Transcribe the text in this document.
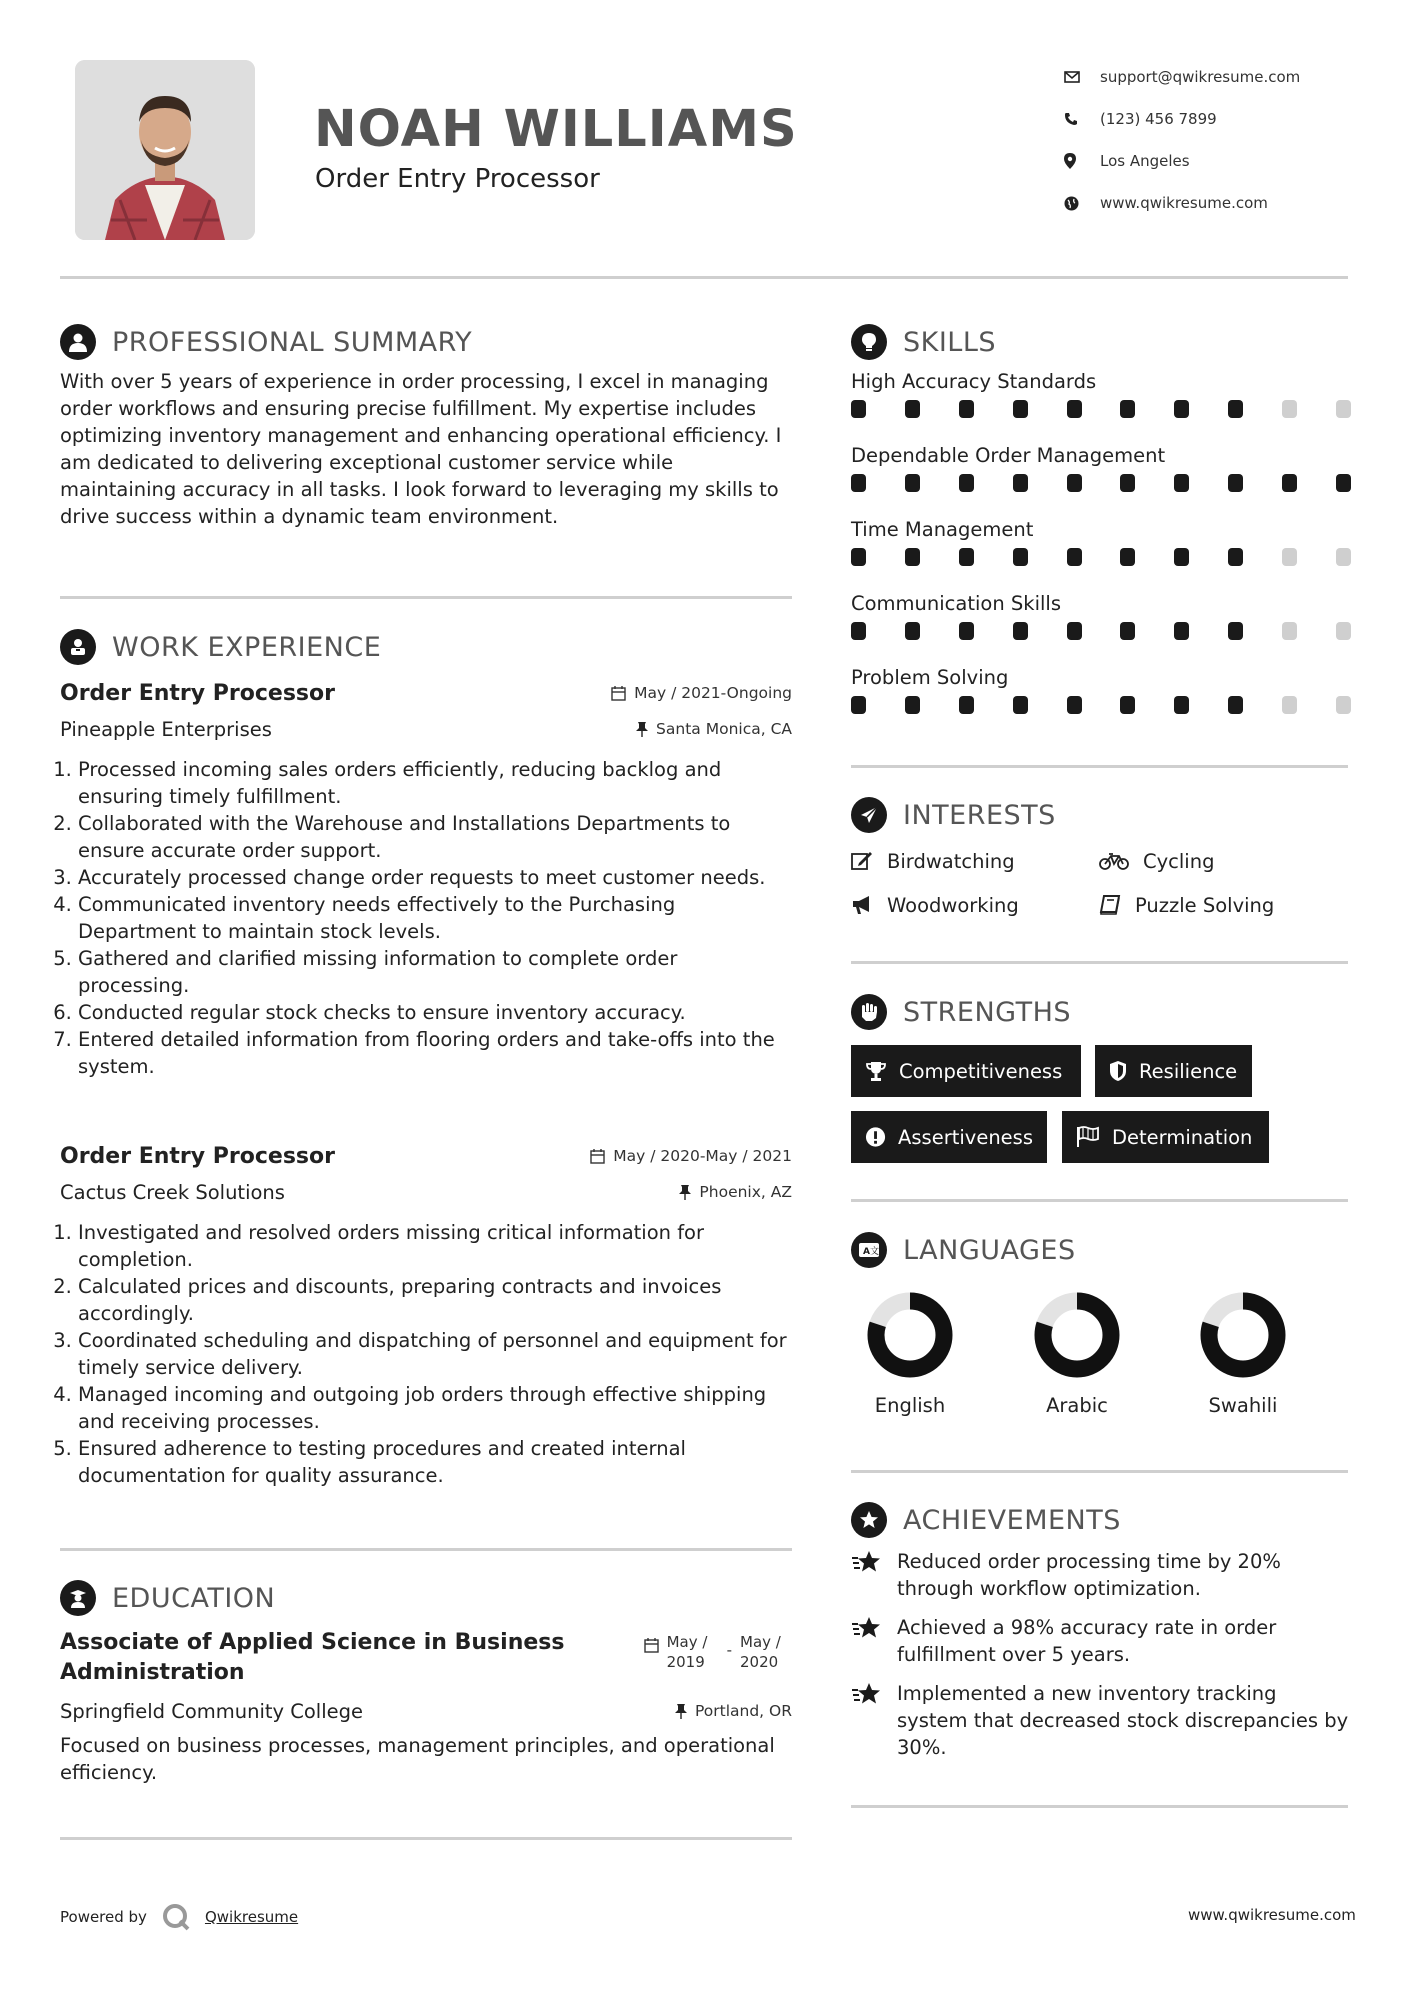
NOAH WILLIAMS
Order Entry Processor
support@qwikresume.com
(123) 456 7899
Los Angeles
www.qwikresume.com
PROFESSIONAL SUMMARY
With over 5 years of experience in order processing, I excel in managing order workflows and ensuring precise fulfillment. My expertise includes optimizing inventory management and enhancing operational efficiency. I am dedicated to delivering exceptional customer service while maintaining accuracy in all tasks. I look forward to leveraging my skills to drive success within a dynamic team environment.
WORK EXPERIENCE
Order Entry Processor	May / 2021-Ongoing
Pineapple Enterprises	Santa Monica, CA
1. Processed incoming sales orders efficiently, reducing backlog and ensuring timely fulfillment.
2. Collaborated with the Warehouse and Installations Departments to ensure accurate order support.
3. Accurately processed change order requests to meet customer needs.
4. Communicated inventory needs effectively to the Purchasing Department to maintain stock levels.
5. Gathered and clarified missing information to complete order processing.
6. Conducted regular stock checks to ensure inventory accuracy.
7. Entered detailed information from flooring orders and take-offs into the system.
Order Entry Processor	May / 2020-May / 2021
Cactus Creek Solutions	Phoenix, AZ
1. Investigated and resolved orders missing critical information for completion.
2. Calculated prices and discounts, preparing contracts and invoices accordingly.
3. Coordinated scheduling and dispatching of personnel and equipment for timely service delivery.
4. Managed incoming and outgoing job orders through effective shipping and receiving processes.
5. Ensured adherence to testing procedures and created internal documentation for quality assurance.
EDUCATION
Associate of Applied Science in Business Administration
May / 2019
- May / 2020
Springfield Community College	Portland, OR
Focused on business processes, management principles, and operational efficiency.
SKILLS
High Accuracy Standards
Dependable Order Management
Time Management
Communication Skills
Problem Solving
INTERESTS
Birdwatching	Cycling
Woodworking	Puzzle Solving
STRENGTHS
Competitiveness	Resilience
Assertiveness	Determination
A 文 LANGUAGES
English	Arabic	Swahili
ACHIEVEMENTS
Reduced order processing time by 20% through workflow optimization.
Achieved a 98% accuracy rate in order fulfillment over 5 years.
Implemented a new inventory tracking system that decreased stock discrepancies by 30%.
Powered by	Qwikresume	www.qwikresume.com
